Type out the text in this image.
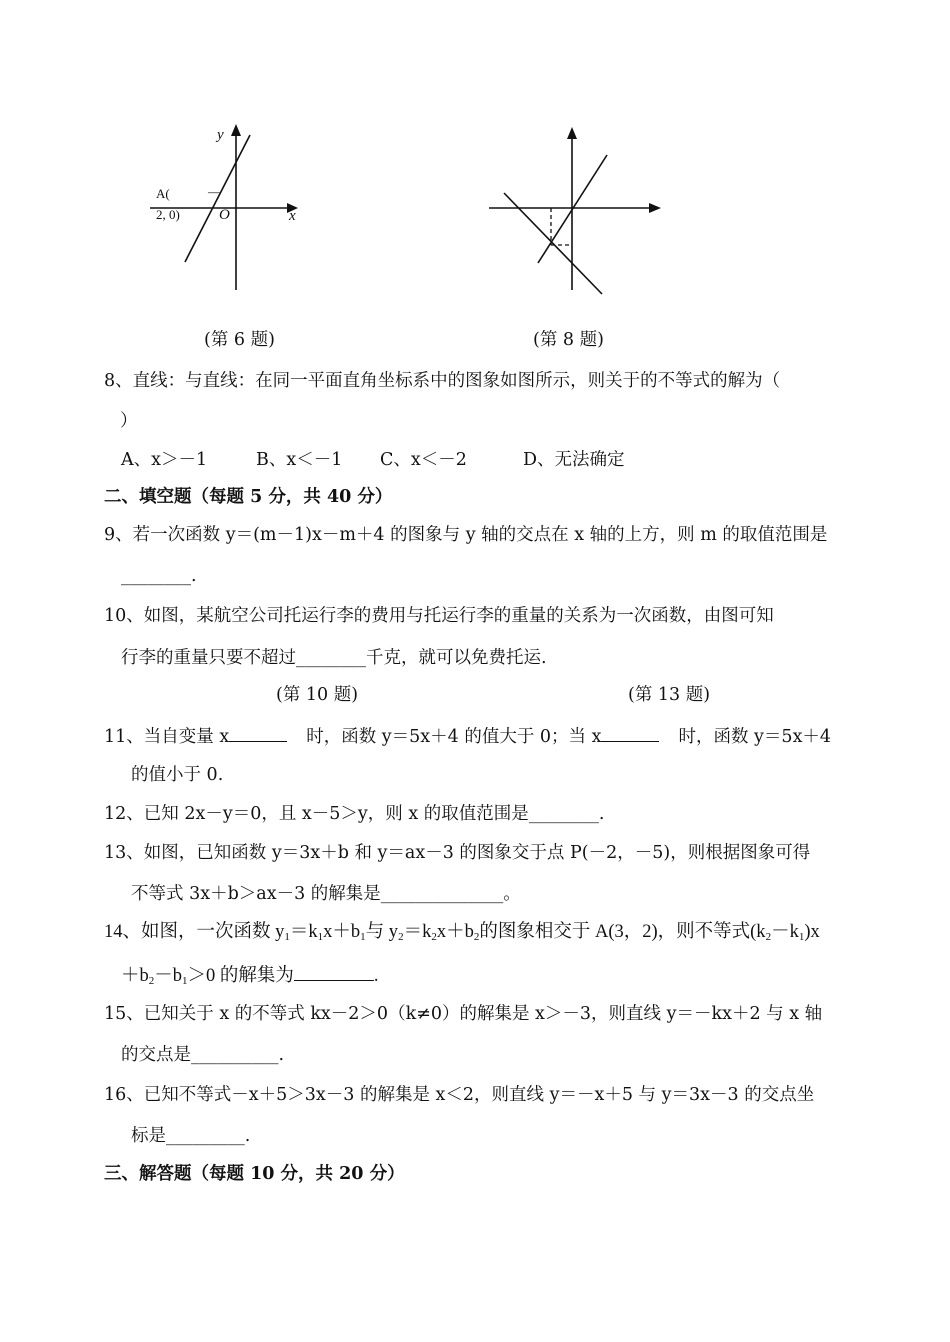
y
x
O
A(	—
2, 0)
(第 6 题)	(第 8 题)
8、直线：与直线：在同一平面直角坐标系中的图象如图所示，则关于的不等式的解为（
）
A、x＞－1	B、x＜－1 C、x＜－2	D、无法确定
二、填空题（每题 5 分，共 40 分）
9、若一次函数 y＝(m－1)x－m＋4 的图象与 y 轴的交点在 x 轴的上方，则 m 的取值范围是
________.
10、如图，某航空公司托运行李的费用与托运行李的重量的关系为一次函数，由图可知
行李的重量只要不超过________千克，就可以免费托运.
(第 10 题)	(第 13 题)
11、当自变量 x	时，函数 y＝5x＋4 的值大于 0；当 x	时，函数 y＝5x＋4
的值小于 0.
12、已知 2x－y＝0，且 x－5＞y，则 x 的取值范围是________.
13、如图，已知函数 y＝3x＋b 和 y＝ax－3 的图象交于点 P(－2，－5)，则根据图象可得
不等式 3x＋b＞ax－3 的解集是______________。
14、如图，一次函数 $y_1=k_1x+b_1$与 $y_2=k_2x+b_2$的图象相交于 A(3，2)，则不等式$(k_2-k_1)x$
$+b_2-b_1>0$ 的解集为	.
15、已知关于 x 的不等式 kx－2＞0（k≠0）的解集是 x＞－3，则直线 y＝－kx＋2 与 x 轴
的交点是__________.
16、已知不等式－x＋5＞3x－3 的解集是 x＜2，则直线 y＝－x＋5 与 y＝3x－3 的交点坐
标是_________.
三、解答题（每题 10 分，共 20 分）
